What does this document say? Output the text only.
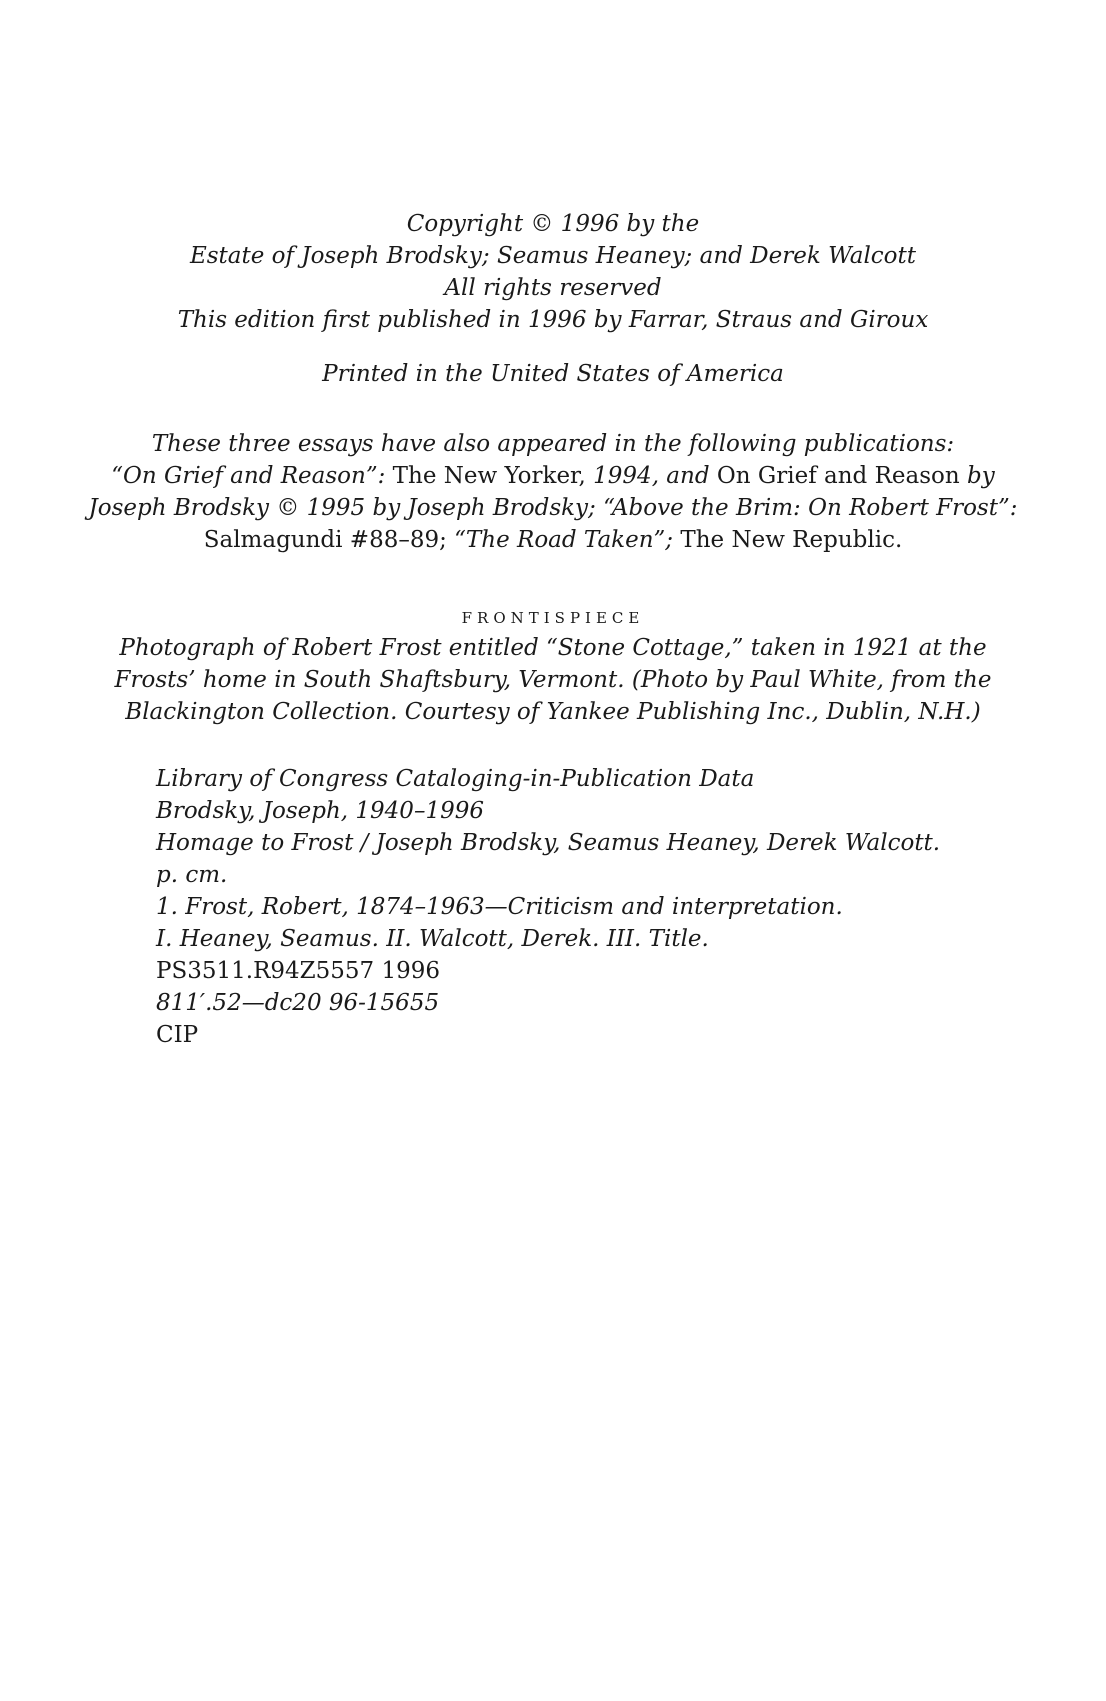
Copyright © 1996 by the
Estate of Joseph Brodsky; Seamus Heaney; and Derek Walcott
All rights reserved
This edition first published in 1996 by Farrar, Straus and Giroux
Printed in the United States of America
These three essays have also appeared in the following publications:
“On Grief and Reason”: The New Yorker, 1994, and On Grief and Reason by
Joseph Brodsky © 1995 by Joseph Brodsky; “Above the Brim: On Robert Frost”:
Salmagundi #88–89; “The Road Taken”; The New Republic.
FRONTISPIECE
Photograph of Robert Frost entitled “Stone Cottage,” taken in 1921 at the
Frosts’ home in South Shaftsbury, Vermont. (Photo by Paul White, from the
Blackington Collection. Courtesy of Yankee Publishing Inc., Dublin, N.H.)
Library of Congress Cataloging-in-Publication Data
Brodsky, Joseph, 1940–1996
Homage to Frost / Joseph Brodsky, Seamus Heaney, Derek Walcott.
p. cm.
1. Frost, Robert, 1874–1963—Criticism and interpretation.
I. Heaney, Seamus. II. Walcott, Derek. III. Title.
PS3511.R94Z5557 1996
811′.52—dc20 96-15655
CIP
